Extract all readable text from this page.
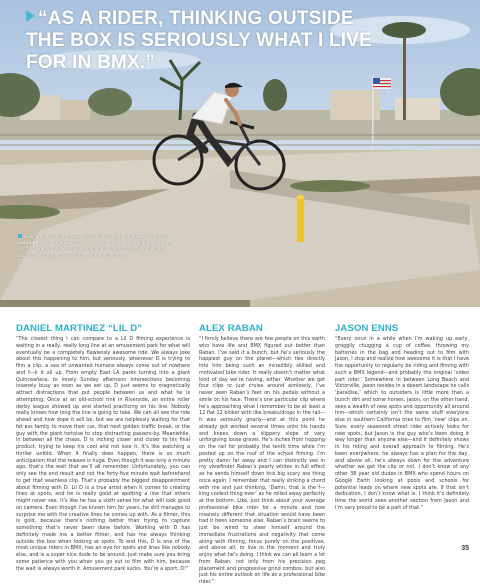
“AS A RIDER, THINKING OUTSIDE THE BOX IS SERIOUSLY WHAT I LIVE FOR IN BMX.”

Having built an entire career around his library of incredible video parts, Jason Enns is a veteran video pro, knows what it takes to get the job done, and has logged countless miles searching for fresh setups, like this curb launch over the guardrail in Smith. Hemet, California.

DANIEL MARTINEZ “LIL D”

“The closest thing I can compare to a Lil D filming experience is waiting in a really, really long line at an amusement park for what will eventually be a completely flawlessly awesome ride. We always joke about this happening to him, but seriously, whenever D is trying to film a clip, a sea of unwanted humans always come out of nowhere and f—k it all up. From empty East LA parks turning into a giant Quinceañera, to lonely Sunday afternoon intersections becoming insanely busy as soon as we set up, D just seems to magnetically attract distractions that put people between us and what he is attempting. Once at an old-school rink in Riverside, an entire roller derby league showed up and started practicing on his line. Nobody really knows how long the line is going to take. We can all see the ride ahead and how dope it will be, but we are helplessly waiting for that fat ass family to move their car, that next golden traffic break, or the guy with the giant tortoise to stop distracting passers-by. Meanwhile, in between all the chaos, D is inching closer and closer to his final product, trying to keep his cool and not lose it. It’s like watching a thriller unfold. When it finally does happen, there is so much anticipation that the release is huge. Even though it was only a minute ago, that’s the wait that we’ll all remember. Unfortunately, you can only see the end result and not the forty-five minute wait beforehand to get that seamless clip. That’s probably the biggest disappointment about filming with D. Lil D is a true artist when it comes to creating lines at spots, and he is really good at spotting a line that others might never see. It’s like he has a sixth sense for what will look good on camera. Even though I’ve known him for years, he still manages to surprise me with the creative lines he comes up with. As a filmer, this is gold, because there’s nothing better than trying to capture something that’s never been done before. Working with D has definitely made me a better filmer, and has me always thinking outside the box when looking at spots. To end this, D is one of the most unique riders in BMX, has an eye for spots and lines like nobody else, and is a super nice dude to be around. Just make sure you bring some patience with you when you go out to film with him, because the wait is always worth it. Amusement park sucks. You’re a sport, D!”

ALEX RABAN

“I firmly believe there are few people on this earth who have life and BMX figured out better than Raban. I’ve said it a bunch, but he’s seriously the happiest guy on the planet—which ties directly into him being such an incredibly skilled and motivated bike rider. It really doesn’t matter what kind of day we’re having, either. Whether we get four clips or just cruise around aimlessly, I’ve never seen Raban’s feet on his pedals without a smile on his face. There’s one particular clip where he’s approaching what I remember to be at least a 12 flat 12 binker with like breaks/drops in the rail—it was seriously gnarly—and at this point he already got worked several times onto his hands and knees down a slippery slope of very unforgiving loose gravel. He’s inches from hopping on the rail for probably the tenth time while I’m posted up on the roof of the school filming. I’m pretty damn far away and I can distinctly see in my viewfinder Raban’s pearly whites in full effect as he sends himself down this big scary ass thing once again. I remember that really striking a chord with me and just thinking, ‘Damn, that is the f—king coolest thing ever’ as he rolled away perfectly at the bottom. Like, just think about your average professional bike rider for a minute and how insanely different that situation would have been had it been someone else. Raban’s brain seems to just be wired to steer himself around the immediate frustrations and negativity that come along with filming, focus purely on the positives, and above all, to live in the moment and truly enjoy what he’s doing. I think we can all learn a lot from Raban, not only from his precision peg placement and progressive grind combos, but also just his entire outlook on life as a professional bike rider.”

JASON ENNS

“Every once in a while when I’m waking up early, groggily chugging a cup of coffee, throwing my batteries in the bag and heading out to film with Jason, I stop and realize how awesome it is that I have the opportunity to regularly be riding and filming with such a BMX legend—and probably the original ‘video part rider.’ Somewhere in between Long Beach and Victorville, Jason resides in a desert landscape he calls ‘paradise,’ which to outsiders is little more than a bunch dirt and some horses. Jason, on the other hand, sees a wealth of new spots and opportunity all around him—which certainly isn’t the same stuff everyone else in southern California tries to film ‘new’ clips on. Sure, every seasoned street rider actively looks for new spots, but Jason is the guy who’s been doing it way longer than anyone else—and it definitely shows in his riding and overall approach to filming. He’s been everywhere, he always has a plan for the day, and above all, he’s always down for the adventure whether we get the clip or not. I don’t know of any other 38 year old dudes in BMX who spend hours on Google Earth looking at pools and schools for potential leads on where new spots are. If that isn’t dedication, I don’t know what is. I think it’s definitely time the world sees another section from Jason and I’m very proud to be a part of that.”

35
